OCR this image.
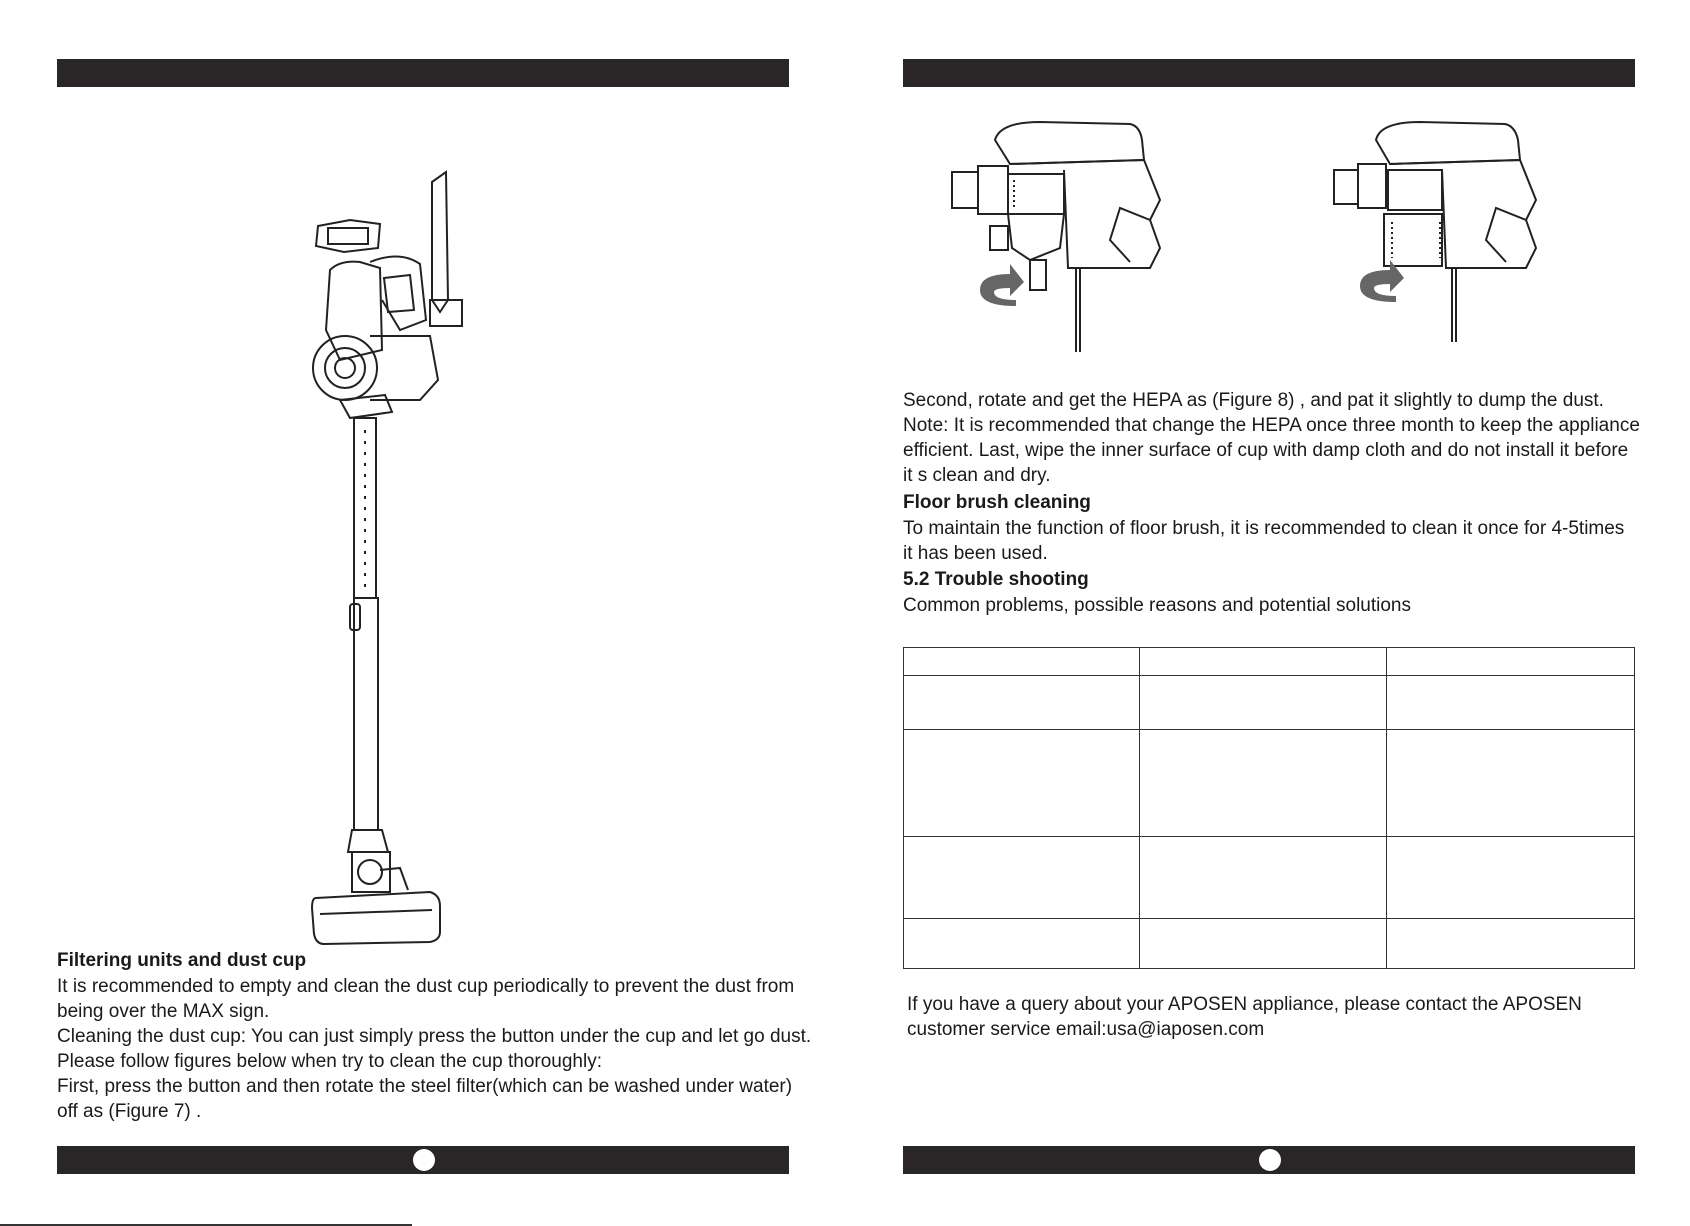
Filtering units and dust cup
It is recommended to empty and clean the dust cup periodically to prevent the dust from
being over the MAX sign.
Cleaning the dust cup: You can just simply press the button under the cup and let go dust.
Please follow figures below when try to clean the cup thoroughly:
First, press the button and then rotate the steel filter(which can be washed under water)
off as (Figure 7) .
Second, rotate and get the HEPA as (Figure 8) , and pat it slightly to dump the dust.
Note: It is recommended that change the HEPA once three month to keep the appliance
efficient. Last, wipe the inner surface of cup with damp cloth and do not install it before
it s clean and dry.
Floor brush cleaning
To maintain the function of floor brush, it is recommended to clean it once for 4-5times
it has been used.
5.2 Trouble shooting
Common problems, possible reasons and potential solutions
If you have a query about your APOSEN appliance, please contact the APOSEN
customer service email:usa@iaposen.com
